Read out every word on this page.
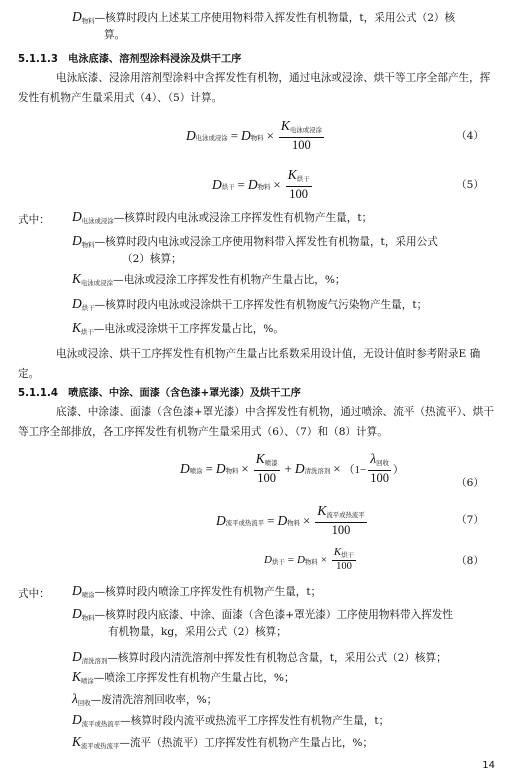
D物料—核算时段内上述某工序使用物料带入挥发性有机物量，t，采用公式（2）核
算。
5.1.1.3　电泳底漆、溶剂型涂料浸涂及烘干工序
电泳底漆、浸涂用溶剂型涂料中含挥发性有机物，通过电泳或浸涂、烘干等工序全部产生，挥发性有机物产生量采用式（4）、（5）计算。
D 电泳或浸涂 = D 物料 × $\frac{\text{K电泳或浸涂}}{100}$	（4）
D 烘干 = D 物料 × $\frac{\text{K烘干}}{100}$	（5）
式中： D电泳或浸涂—核算时段内电泳或浸涂工序挥发性有机物产生量，t；
D物料—核算时段内电泳或浸涂工序使用物料带入挥发性有机物量，t，采用公式
（2）核算；
K电泳或浸涂—电泳或浸涂工序挥发性有机物产生量占比，%；
D烘干—核算时段内电泳或浸涂烘干工序挥发性有机物废气污染物产生量，t；
K烘干—电泳或浸涂烘干工序挥发量占比，%。
电泳或浸涂、烘干工序挥发性有机物产生量占比系数采用设计值，无设计值时参考附录E 确定。
5.1.1.4　喷底漆、中涂、面漆（含色漆+罩光漆）及烘干工序
底漆、中涂漆、面漆（含色漆+罩光漆）中含挥发性有机物，通过喷涂、流平（热流平）、烘干等工序全部排放，各工序挥发性有机物产生量采用式（6）、（7）和（8）计算。
D 喷涂 = D 物料 × $\frac{\text{K喷漆}}{100} + D$ 清洗溶剂 × （$1- \frac{\text{λ回收}}{100}$ ）
（6）
D 流平或热流平 = D 物料 × $\frac{\text{K流平或热流平}}{100}$	（7）
D 烘干 = D 物料 × $\frac{\text{K烘干}}{100}$	（8）
式中： D喷涂—核算时段内喷涂工序挥发性有机物产生量，t；
D物料—核算时段内底漆、中涂、面漆（含色漆+罩光漆）工序使用物料带入挥发性
有机物量，kg，采用公式（2）核算；
D清洗溶剂—核算时段内清洗溶剂中挥发性有机物总含量，t，采用公式（2）核算；
K喷涂—喷涂工序挥发性有机物产生量占比，%；
λ回收—废清洗溶剂回收率，%；
D流平或热流平—核算时段内流平或热流平工序挥发性有机物产生量，t；
K流平或热流平—流平（热流平）工序挥发性有机物产生量占比，%；
14
